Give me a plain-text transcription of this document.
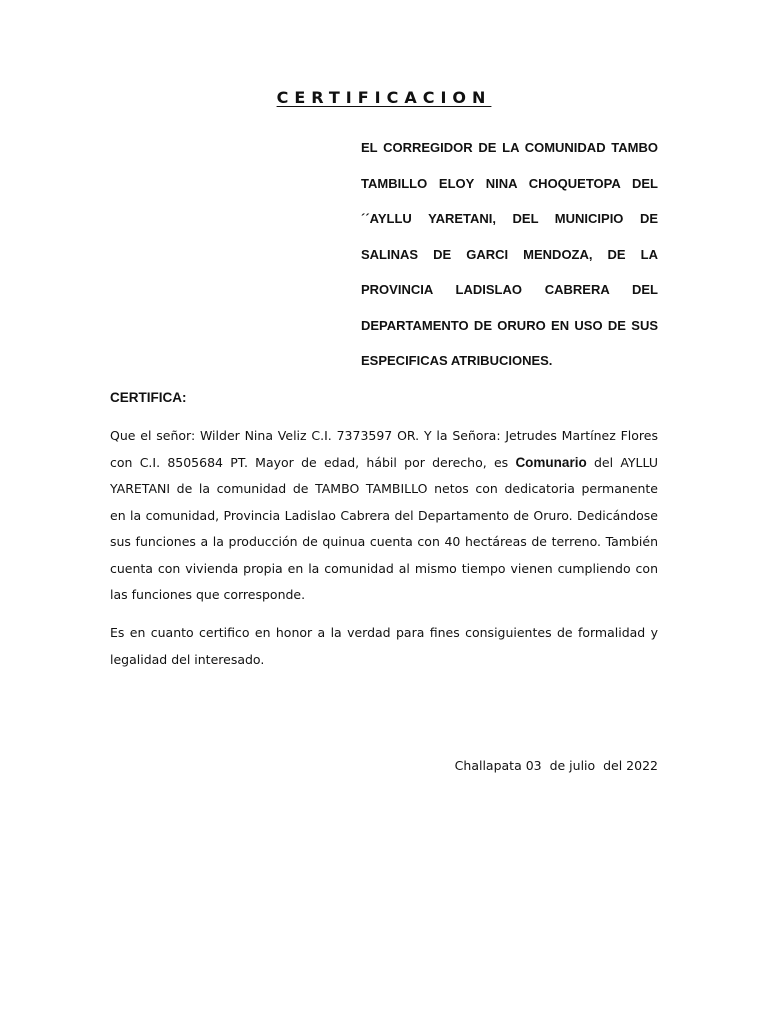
CERTIFICACION
EL CORREGIDOR DE LA COMUNIDAD TAMBO
TAMBILLO ELOY NINA CHOQUETOPA DEL
´´AYLLU YARETANI, DEL MUNICIPIO DE
SALINAS DE GARCI MENDOZA, DE LA
PROVINCIA LADISLAO CABRERA DEL
DEPARTAMENTO DE ORURO EN USO DE SUS
ESPECIFICAS ATRIBUCIONES.
CERTIFICA:
Que el señor: Wilder Nina Veliz C.I. 7373597 OR. Y la Señora: Jetrudes Martínez Flores
con C.I. 8505684 PT. Mayor de edad, hábil por derecho, es Comunario del AYLLU
YARETANI de la comunidad de TAMBO TAMBILLO netos con dedicatoria permanente
en la comunidad, Provincia Ladislao Cabrera del Departamento de Oruro. Dedicándose
sus funciones a la producción de quinua cuenta con 40 hectáreas de terreno. También
cuenta con vivienda propia en la comunidad al mismo tiempo vienen cumpliendo con
las funciones que corresponde.
Es en cuanto certifico en honor a la verdad para fines consiguientes de formalidad y
legalidad del interesado.
Challapata 03  de julio  del 2022
